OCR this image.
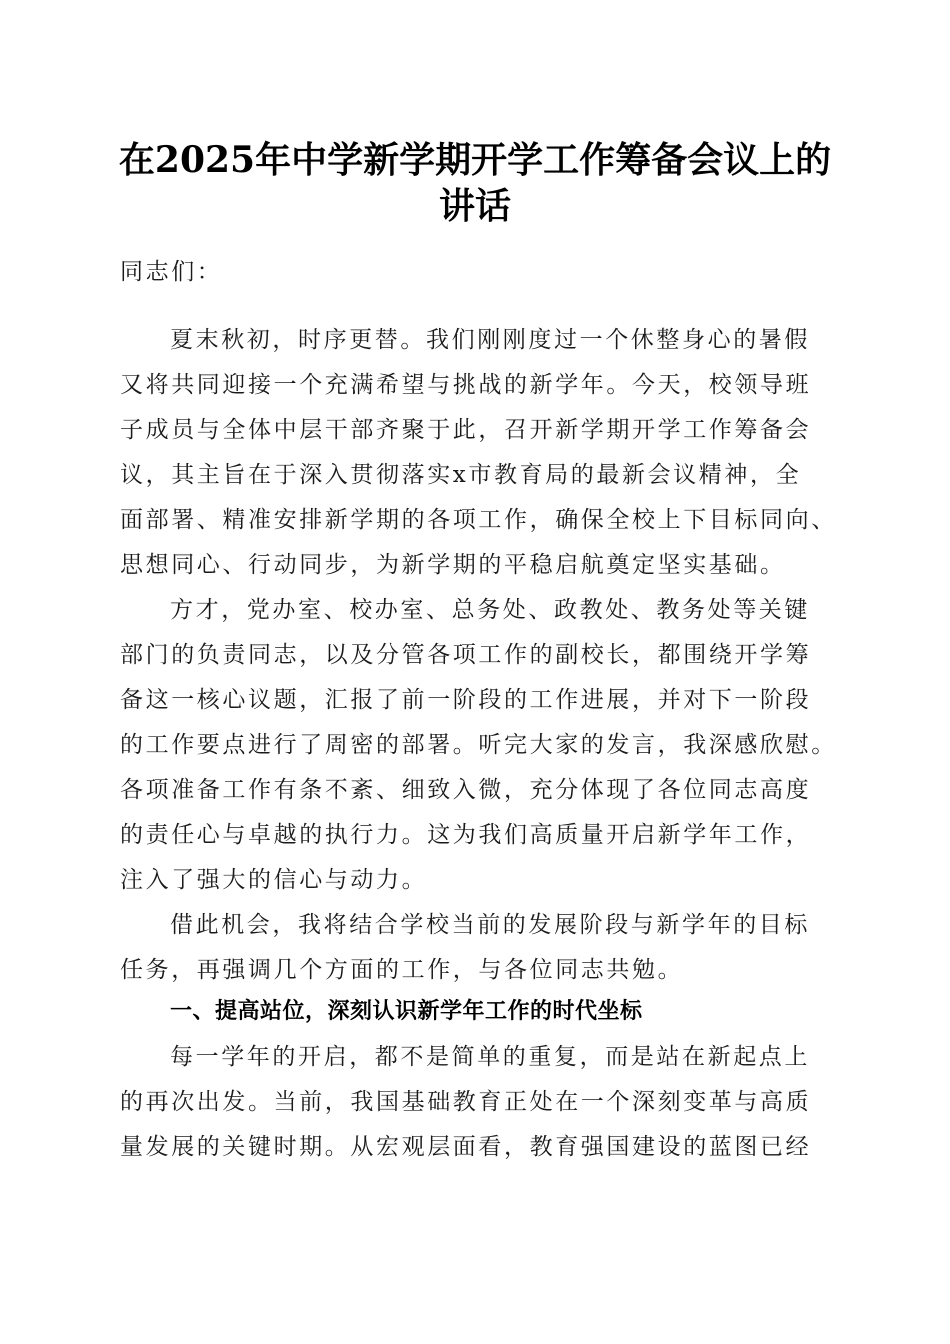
在2025年中学新学期开学工作筹备会议上的
讲话
同志们：
夏末秋初，时序更替。我们刚刚度过一个休整身心的暑假
又将共同迎接一个充满希望与挑战的新学年。今天，校领导班
子成员与全体中层干部齐聚于此，召开新学期开学工作筹备会
议，其主旨在于深入贯彻落实x市教育局的最新会议精神，全
面部署、精准安排新学期的各项工作，确保全校上下目标同向、
思想同心、行动同步，为新学期的平稳启航奠定坚实基础。
方才，党办室、校办室、总务处、政教处、教务处等关键
部门的负责同志，以及分管各项工作的副校长，都围绕开学筹
备这一核心议题，汇报了前一阶段的工作进展，并对下一阶段
的工作要点进行了周密的部署。听完大家的发言，我深感欣慰。
各项准备工作有条不紊、细致入微，充分体现了各位同志高度
的责任心与卓越的执行力。这为我们高质量开启新学年工作，
注入了强大的信心与动力。
借此机会，我将结合学校当前的发展阶段与新学年的目标
任务，再强调几个方面的工作，与各位同志共勉。
一、提高站位，深刻认识新学年工作的时代坐标
每一学年的开启，都不是简单的重复，而是站在新起点上
的再次出发。当前，我国基础教育正处在一个深刻变革与高质
量发展的关键时期。从宏观层面看，教育强国建设的蓝图已经
